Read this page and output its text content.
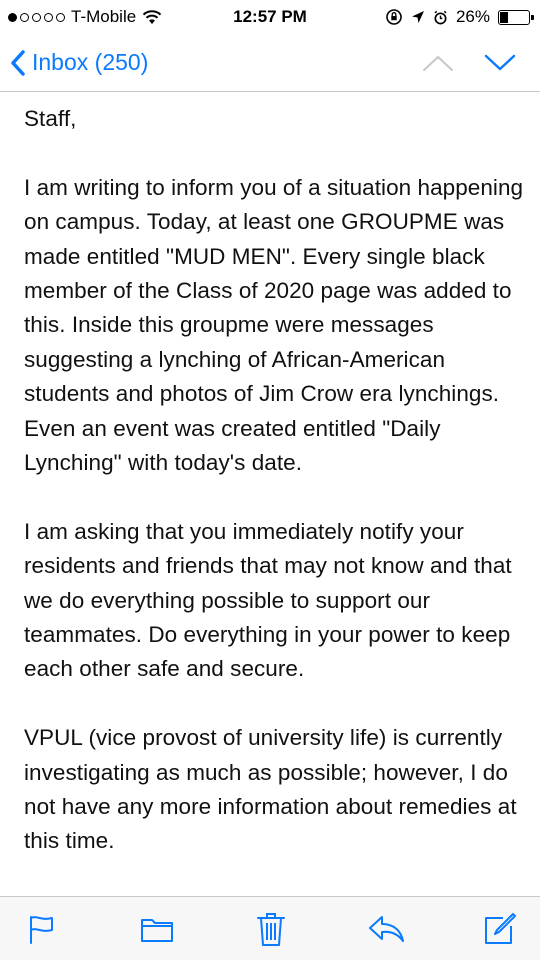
T-Mobile	12:57 PM	26%
Inbox (250)

Staff,

I am writing to inform you of a situation happening on campus. Today, at least one GROUPME was made entitled "MUD MEN". Every single black member of the Class of 2020 page was added to this. Inside this groupme were messages suggesting a lynching of African-American students and photos of Jim Crow era lynchings. Even an event was created entitled "Daily Lynching" with today's date.

I am asking that you immediately notify your residents and friends that may not know and that we do everything possible to support our teammates. Do everything in your power to keep each other safe and secure.

VPUL (vice provost of university life) is currently investigating as much as possible; however, I do not have any more information about remedies at this time.
